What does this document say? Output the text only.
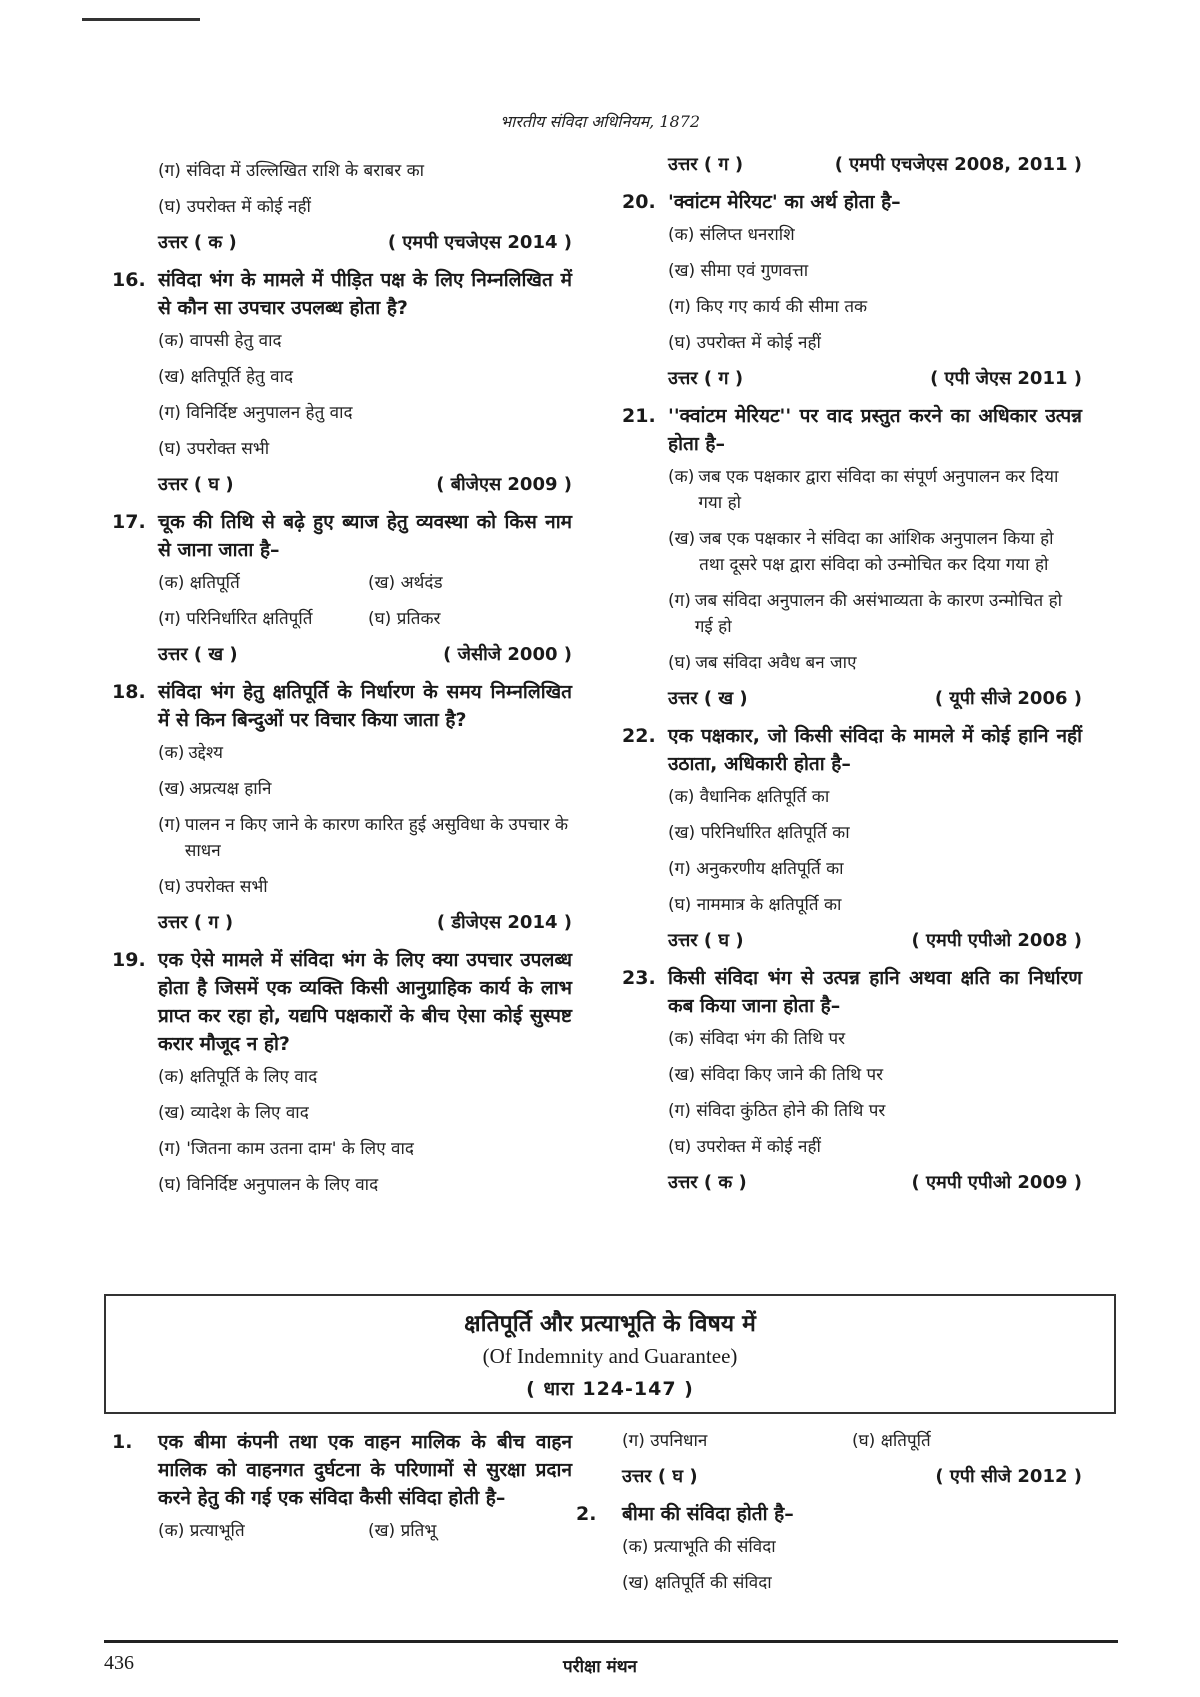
भारतीय संविदा अधिनियम, 1872
(ग) संविदा में उल्लिखित राशि के बराबर का
(घ) उपरोक्त में कोई नहीं
उत्तर ( क )	( एमपी एचजेएस 2014 )
16. संविदा भंग के मामले में पीड़ित पक्ष के लिए निम्नलिखित में से कौन सा उपचार उपलब्ध होता है?
(क) वापसी हेतु वाद
(ख) क्षतिपूर्ति हेतु वाद
(ग) विनिर्दिष्ट अनुपालन हेतु वाद
(घ) उपरोक्त सभी
उत्तर ( घ )	( बीजेएस 2009 )
17. चूक की तिथि से बढ़े हुए ब्याज हेतु व्यवस्था को किस नाम से जाना जाता है–
(क) क्षतिपूर्ति	(ख) अर्थदंड
(ग) परिनिर्धारित क्षतिपूर्ति	(घ) प्रतिकर
उत्तर ( ख )	( जेसीजे 2000 )
18. संविदा भंग हेतु क्षतिपूर्ति के निर्धारण के समय निम्नलिखित में से किन बिन्दुओं पर विचार किया जाता है?
(क) उद्देश्य
(ख) अप्रत्यक्ष हानि
(ग) पालन न किए जाने के कारण कारित हुई असुविधा के उपचार के साधन
(घ) उपरोक्त सभी
उत्तर ( ग )	( डीजेएस 2014 )
19. एक ऐसे मामले में संविदा भंग के लिए क्या उपचार उपलब्ध होता है जिसमें एक व्यक्ति किसी आनुग्राहिक कार्य के लाभ प्राप्त कर रहा हो, यद्यपि पक्षकारों के बीच ऐसा कोई सुस्पष्ट करार मौजूद न हो?
(क) क्षतिपूर्ति के लिए वाद
(ख) व्यादेश के लिए वाद
(ग) 'जितना काम उतना दाम' के लिए वाद
(घ) विनिर्दिष्ट अनुपालन के लिए वाद
उत्तर ( ग )	( एमपी एचजेएस 2008, 2011 )
20. 'क्वांटम मेरियट' का अर्थ होता है–
(क) संलिप्त धनराशि
(ख) सीमा एवं गुणवत्ता
(ग) किए गए कार्य की सीमा तक
(घ) उपरोक्त में कोई नहीं
उत्तर ( ग )	( एपी जेएस 2011 )
21. ''क्वांटम मेरियट'' पर वाद प्रस्तुत करने का अधिकार उत्पन्न होता है–
(क) जब एक पक्षकार द्वारा संविदा का संपूर्ण अनुपालन कर दिया गया हो
(ख) जब एक पक्षकार ने संविदा का आंशिक अनुपालन किया हो तथा दूसरे पक्ष द्वारा संविदा को उन्मोचित कर दिया गया हो
(ग) जब संविदा अनुपालन की असंभाव्यता के कारण उन्मोचित हो गई हो
(घ) जब संविदा अवैध बन जाए
उत्तर ( ख )	( यूपी सीजे 2006 )
22. एक पक्षकार, जो किसी संविदा के मामले में कोई हानि नहीं उठाता, अधिकारी होता है–
(क) वैधानिक क्षतिपूर्ति का
(ख) परिनिर्धारित क्षतिपूर्ति का
(ग) अनुकरणीय क्षतिपूर्ति का
(घ) नाममात्र के क्षतिपूर्ति का
उत्तर ( घ )	( एमपी एपीओ 2008 )
23. किसी संविदा भंग से उत्पन्न हानि अथवा क्षति का निर्धारण कब किया जाना होता है–
(क) संविदा भंग की तिथि पर
(ख) संविदा किए जाने की तिथि पर
(ग) संविदा कुंठित होने की तिथि पर
(घ) उपरोक्त में कोई नहीं
उत्तर ( क )	( एमपी एपीओ 2009 )
क्षतिपूर्ति और प्रत्याभूति के विषय में
(Of Indemnity and Guarantee)
( धारा 124-147 )
1.	एक बीमा कंपनी तथा एक वाहन मालिक के बीच वाहन मालिक को वाहनगत दुर्घटना के परिणामों से सुरक्षा प्रदान करने हेतु की गई एक संविदा कैसी संविदा होती है–
(क) प्रत्याभूति	(ख) प्रतिभू
(ग) उपनिधान	(घ) क्षतिपूर्ति
उत्तर ( घ )	( एपी सीजे 2012 )
2.	बीमा की संविदा होती है–
(क) प्रत्याभूति की संविदा
(ख) क्षतिपूर्ति की संविदा
436	परीक्षा मंथन
